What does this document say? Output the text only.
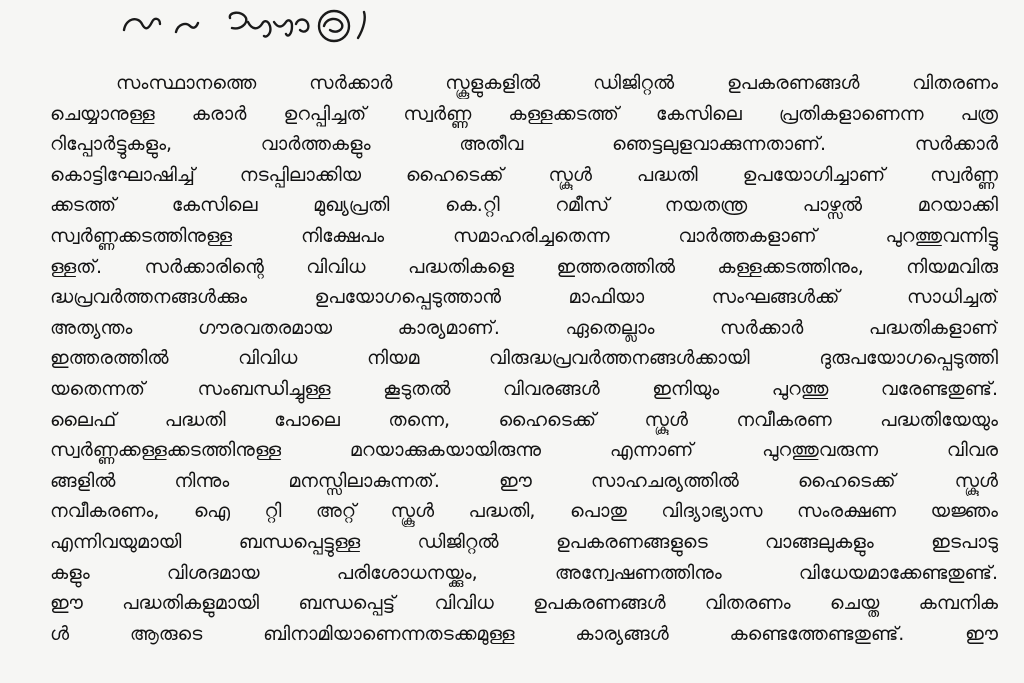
സംസ്ഥാനത്തെ സർക്കാർ സ്കൂളുകളിൽ ഡിജിറ്റൽ ഉപകരണങ്ങൾ വിതരണം
ചെയ്യാനുള്ള കരാർ ഉറപ്പിച്ചത് സ്വർണ്ണ കള്ളക്കടത്ത് കേസിലെ പ്രതികളാണെന്ന പത്ര
റിപ്പോർട്ടുകളും, വാർത്തകളും അതീവ ഞെട്ടലുളവാക്കുന്നതാണ്. സർക്കാർ
കൊട്ടിഘോഷിച്ച് നടപ്പിലാക്കിയ ഹൈടെക്ക് സ്കൂൾ പദ്ധതി ഉപയോഗിച്ചാണ് സ്വർണ്ണ
ക്കടത്ത് കേസിലെ മുഖ്യപ്രതി കെ.റ്റി റമീസ് നയതന്ത്ര പാഴ്സൽ മറയാക്കി
സ്വർണ്ണക്കടത്തിനുള്ള നിക്ഷേപം സമാഹരിച്ചതെന്ന വാർത്തകളാണ് പുറത്തുവന്നിട്ടു
ള്ളത്. സർക്കാരിന്റെ വിവിധ പദ്ധതികളെ ഇത്തരത്തിൽ കള്ളക്കടത്തിനും, നിയമവിരു
ദ്ധപ്രവർത്തനങ്ങൾക്കും ഉപയോഗപ്പെടുത്താൻ മാഫിയാ സംഘങ്ങൾക്ക് സാധിച്ചത്
അത്യന്തം ഗൗരവതരമായ കാര്യമാണ്. ഏതെല്ലാം സർക്കാർ പദ്ധതികളാണ്
ഇത്തരത്തിൽ വിവിധ നിയമ വിരുദ്ധപ്രവർത്തനങ്ങൾക്കായി ദുരുപയോഗപ്പെടുത്തി
യതെന്നത് സംബന്ധിച്ചുള്ള കൂടുതൽ വിവരങ്ങൾ ഇനിയും പുറത്തു വരേണ്ടതുണ്ട്.
ലൈഫ് പദ്ധതി പോലെ തന്നെ, ഹൈടെക്ക് സ്കൂൾ നവീകരണ പദ്ധതിയേയും
സ്വർണ്ണക്കള്ളക്കടത്തിനുള്ള മറയാക്കുകയായിരുന്നു എന്നാണ് പുറത്തുവരുന്ന വിവര
ങ്ങളിൽ നിന്നും മനസ്സിലാകുന്നത്. ഈ സാഹചര്യത്തിൽ ഹൈടെക്ക് സ്കൂൾ
നവീകരണം, ഐ റ്റി അറ്റ് സ്കൂൾ പദ്ധതി, പൊതു വിദ്യാഭ്യാസ സംരക്ഷണ യജ്ഞം
എന്നിവയുമായി ബന്ധപ്പെട്ടുള്ള ഡിജിറ്റൽ ഉപകരണങ്ങളുടെ വാങ്ങലുകളും ഇടപാടു
കളും വിശദമായ പരിശോധനയ്ക്കും, അന്വേഷണത്തിനും വിധേയമാക്കേണ്ടതുണ്ട്.
ഈ പദ്ധതികളുമായി ബന്ധപ്പെട്ട് വിവിധ ഉപകരണങ്ങൾ വിതരണം ചെയ്ത കമ്പനിക
ൾ ആരുടെ ബിനാമിയാണെന്നതടക്കമുള്ള കാര്യങ്ങൾ കണ്ടെത്തേണ്ടതുണ്ട്. ഈ
